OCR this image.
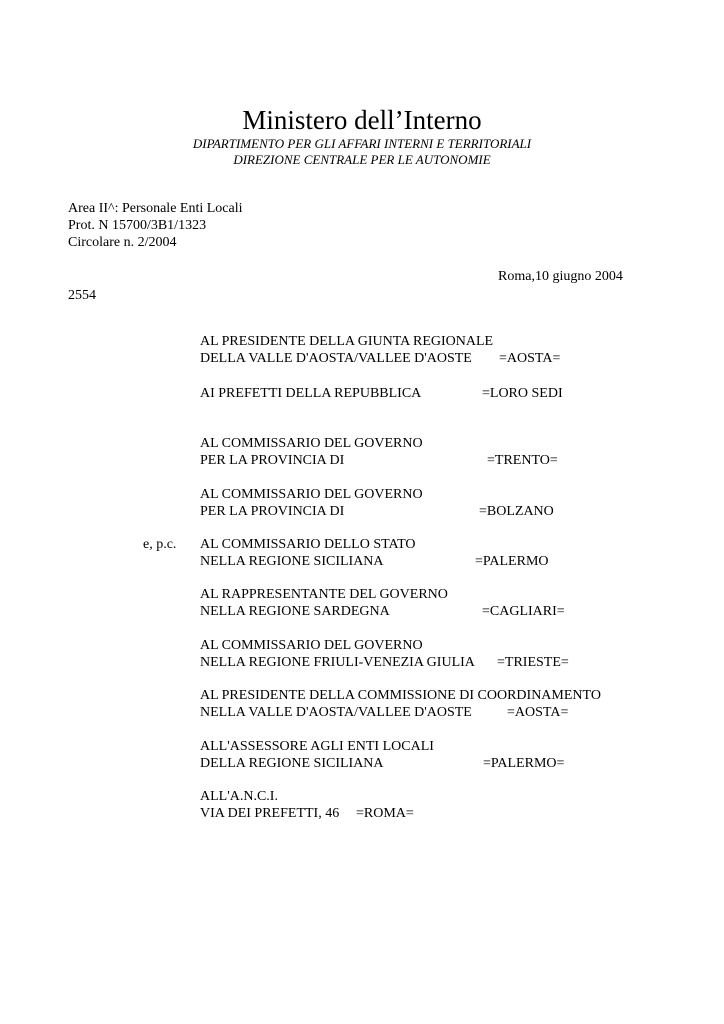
Ministero dell’Interno
DIPARTIMENTO PER GLI AFFARI INTERNI E TERRITORIALI
DIREZIONE CENTRALE PER LE AUTONOMIE
Area II^: Personale Enti Locali
Prot. N 15700/3B1/1323
Circolare n. 2/2004
Roma,10 giugno 2004
2554
e, p.c.
AL PRESIDENTE DELLA GIUNTA REGIONALE
DELLA VALLE D'AOSTA/VALLEE D'AOSTE =AOSTA=
AI PREFETTI DELLA REPUBBLICA	=LORO SEDI
AL COMMISSARIO DEL GOVERNO
PER LA PROVINCIA DI	=TRENTO=
AL COMMISSARIO DEL GOVERNO
PER LA PROVINCIA DI	=BOLZANO
AL COMMISSARIO DELLO STATO
NELLA REGIONE SICILIANA	=PALERMO
AL RAPPRESENTANTE DEL GOVERNO
NELLA REGIONE SARDEGNA	=CAGLIARI=
AL COMMISSARIO DEL GOVERNO
NELLA REGIONE FRIULI-VENEZIA GIULIA =TRIESTE=
AL PRESIDENTE DELLA COMMISSIONE DI COORDINAMENTO
NELLA VALLE D'AOSTA/VALLEE D'AOSTE	=AOSTA=
ALL'ASSESSORE AGLI ENTI LOCALI
DELLA REGIONE SICILIANA	=PALERMO=
ALL'A.N.C.I.
VIA DEI PREFETTI, 46 =ROMA=
